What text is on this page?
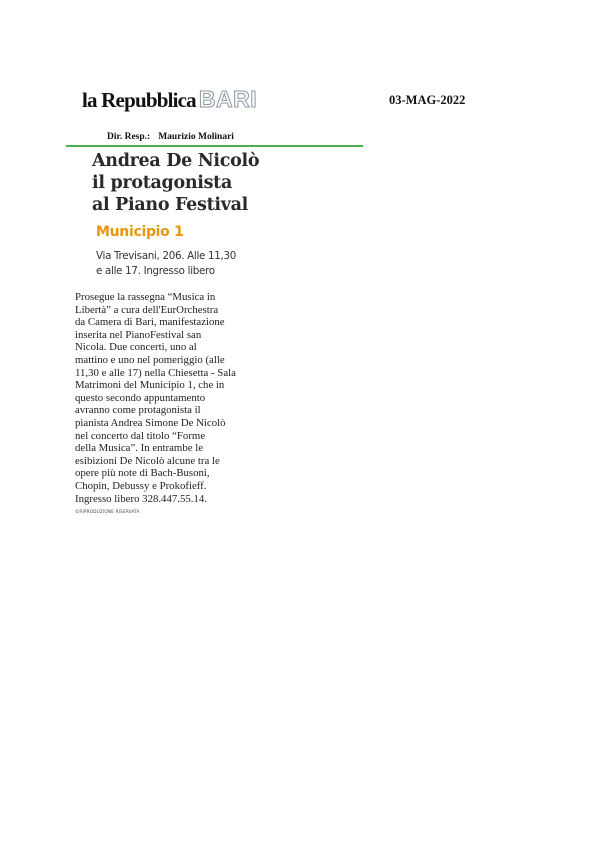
la Repubblica BARI	03-MAG-2022
Dir. Resp.: Maurizio Molinari
Andrea De Nicolò
il protagonista
al Piano Festival
Municipio 1
Via Trevisani, 206. Alle 11,30
e alle 17. Ingresso libero
Prosegue la rassegna “Musica in
Libertà” a cura dell'EurOrchestra
da Camera di Bari, manifestazione
inserita nel PianoFestival san
Nicola. Due concerti, uno al
mattino e uno nel pomeriggio (alle
11,30 e alle 17) nella Chiesetta - Sala
Matrimoni del Municipio 1, che in
questo secondo appuntamento
avranno come protagonista il
pianista Andrea Simone De Nicolò
nel concerto dal titolo “Forme
della Musica”. In entrambe le
esibizioni De Nicolò alcune tra le
opere più note di Bach-Busoni,
Chopin, Debussy e Prokofieff.
Ingresso libero 328.447.55.14.
©RIPRODUZIONE RISERVATA
